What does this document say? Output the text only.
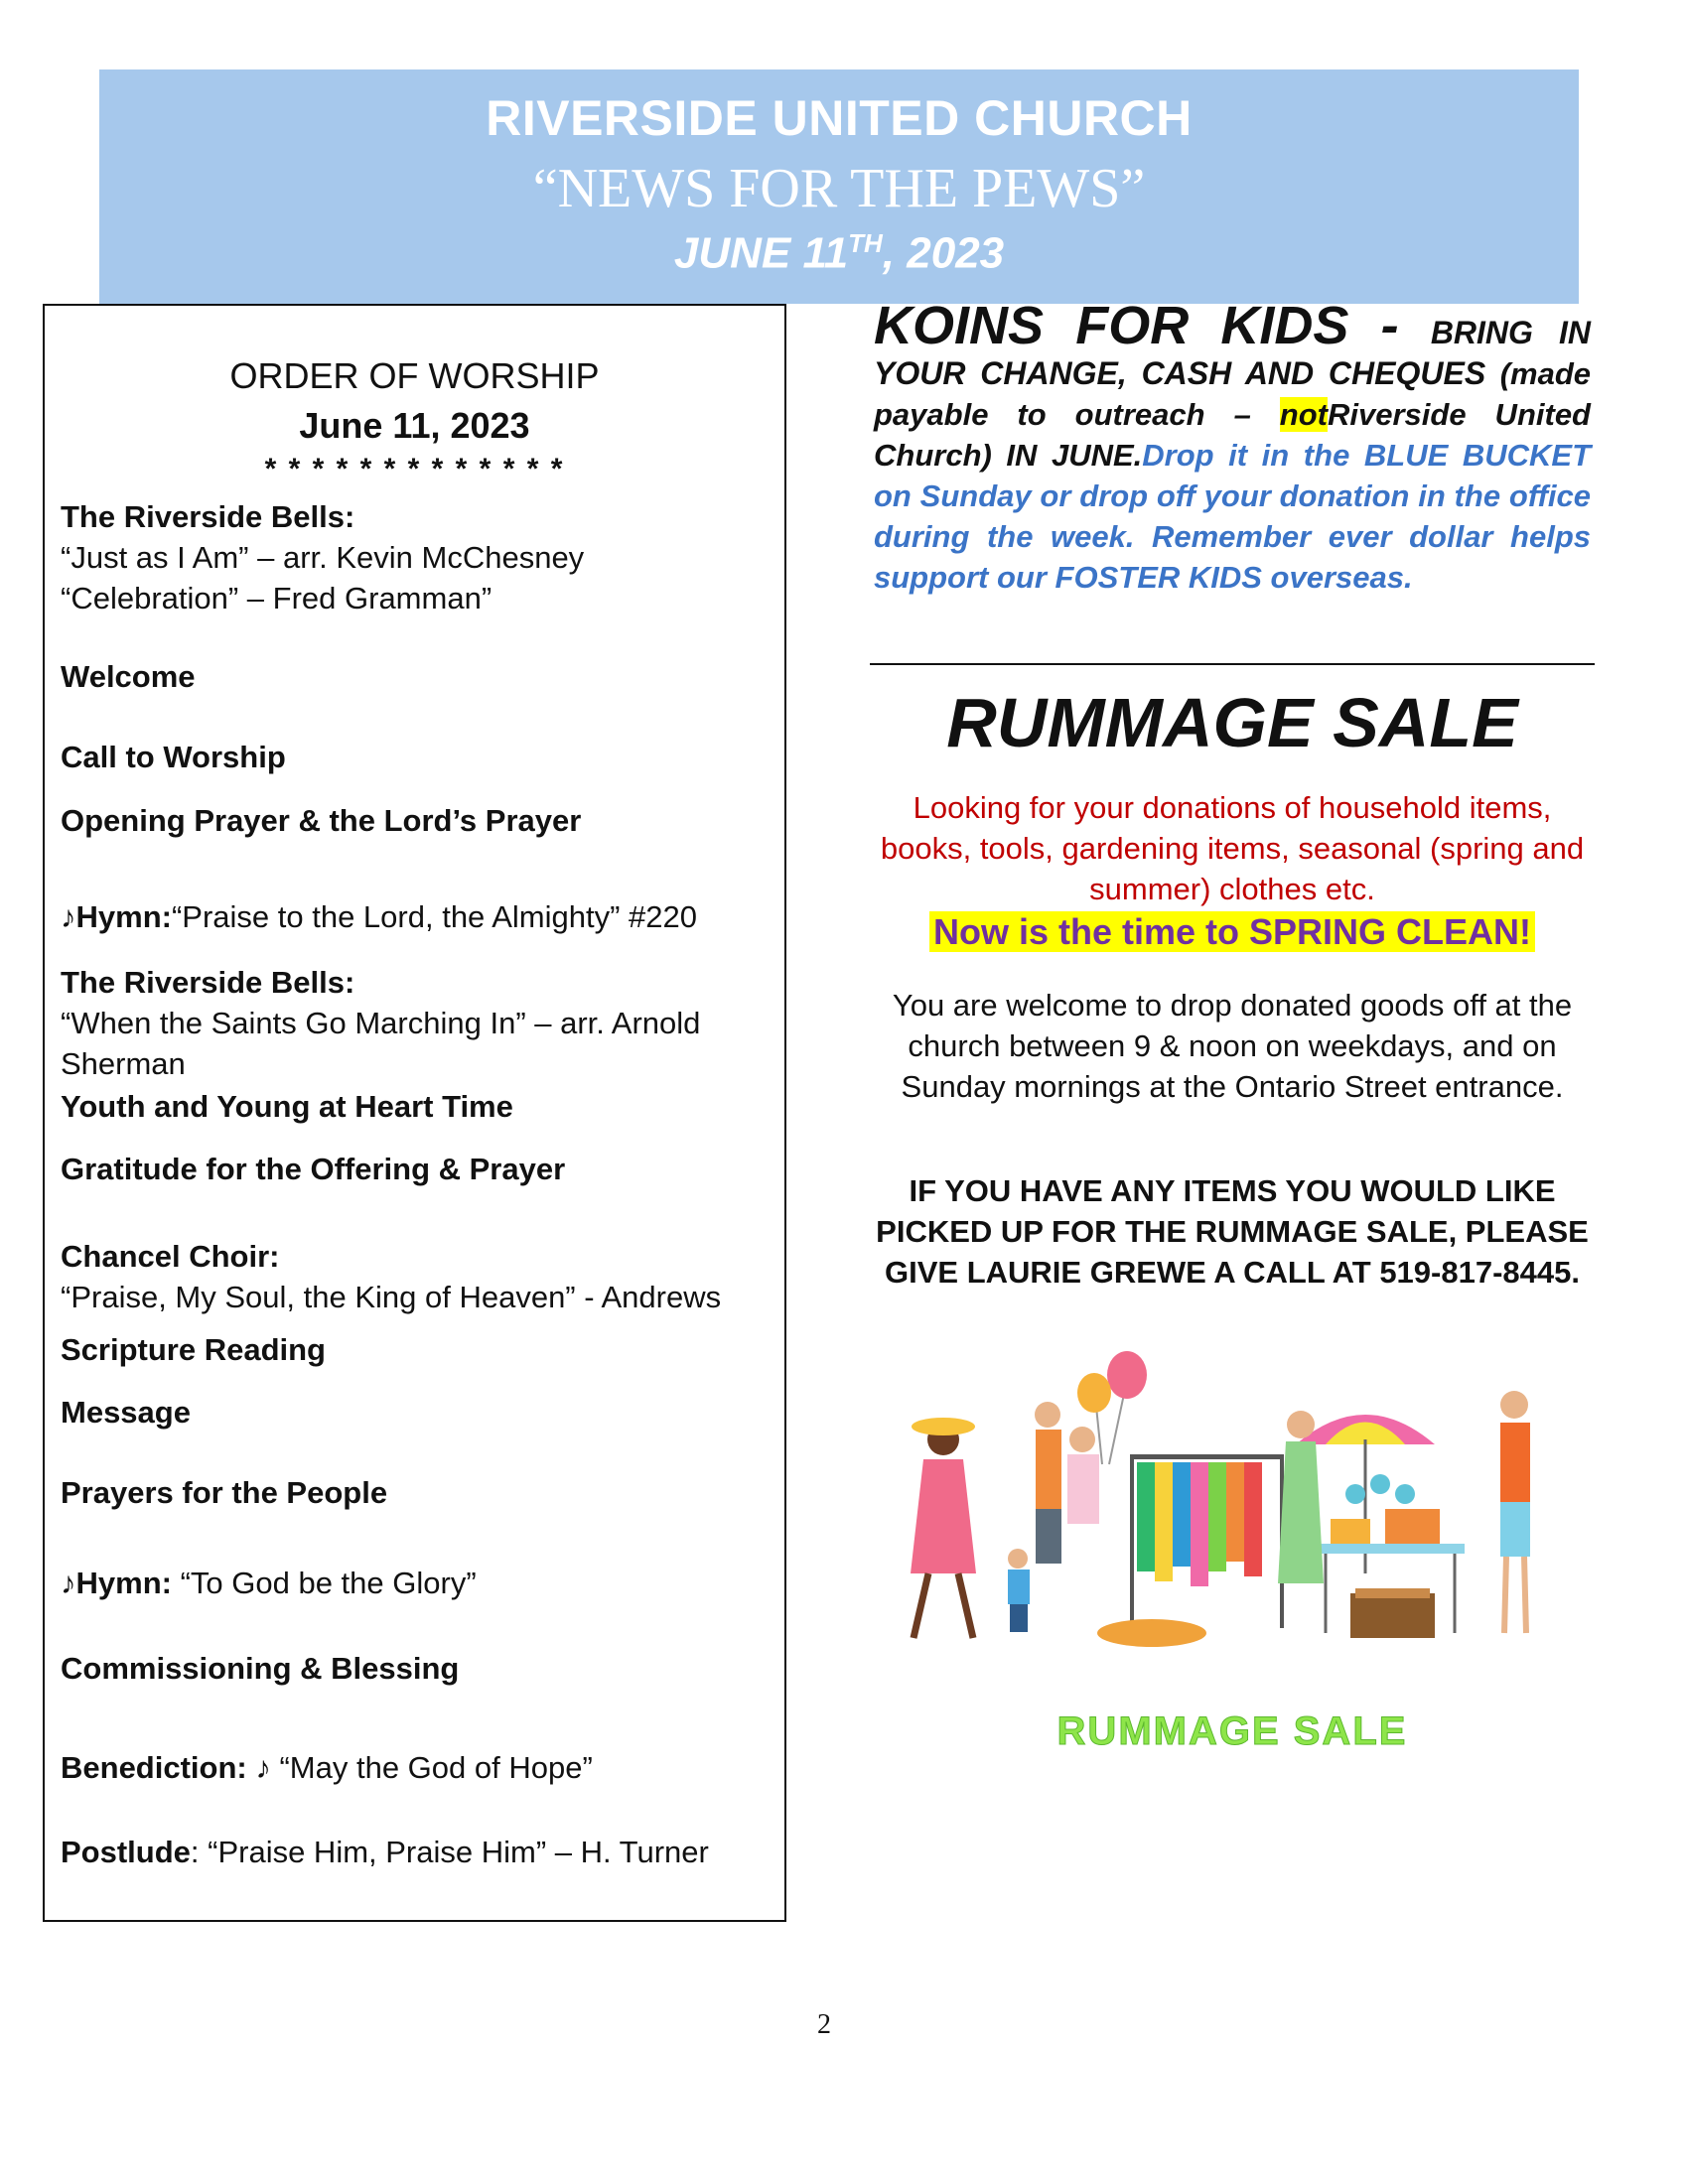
RIVERSIDE UNITED CHURCH
“NEWS FOR THE PEWS”
JUNE 11TH, 2023
ORDER OF WORSHIP
June 11, 2023
* * * * * * * * * * * * *
The Riverside Bells:
“Just as I Am” – arr. Kevin McChesney
“Celebration” – Fred Gramman”
Welcome
Call to Worship
Opening Prayer & the Lord’s Prayer
♪Hymn:“Praise to the Lord, the Almighty” #220
The Riverside Bells:
“When the Saints Go Marching In” – arr. Arnold
Sherman
Youth and Young at Heart Time
Gratitude for the Offering & Prayer
Chancel Choir:
“Praise, My Soul, the King of Heaven” - Andrews
Scripture Reading
Message
Prayers for the People
♪Hymn: “To God be the Glory”
Commissioning & Blessing
Benediction: ♪ “May the God of Hope”
Postlude: “Praise Him, Praise Him” – H. Turner
KOINS FOR KIDS - BRING IN YOUR CHANGE, CASH AND CHEQUES (made payable to outreach – notRiverside United Church) IN JUNE.Drop it in the BLUE BUCKET on Sunday or drop off your donation in the office during the week. Remember ever dollar helps support our FOSTER KIDS overseas.
RUMMAGE SALE
Looking for your donations of household items, books, tools, gardening items, seasonal (spring and summer) clothes etc.
Now is the time to SPRING CLEAN!
You are welcome to drop donated goods off at the church between 9 & noon on weekdays, and on Sunday mornings at the Ontario Street entrance.
IF YOU HAVE ANY ITEMS YOU WOULD LIKE PICKED UP FOR THE RUMMAGE SALE, PLEASE GIVE LAURIE GREWE A CALL AT 519-817-8445.
RUMMAGE SALE
2
